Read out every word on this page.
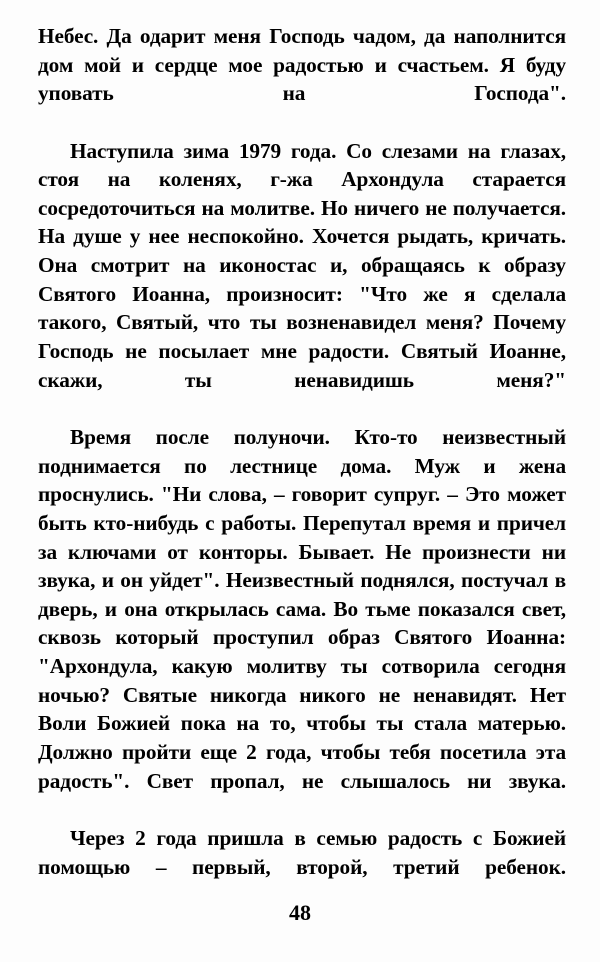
Небес. Да одарит меня Господь чадом, да наполнится дом мой и сердце мое радостью и счастьем. Я буду уповать на Господа".

Наступила зима 1979 года. Со слезами на глазах, стоя на коленях, г-жа Архондула старается сосредоточиться на молитве. Но ничего не получается. На душе у нее неспокойно. Хочется рыдать, кричать. Она смотрит на иконостас и, обращаясь к образу Святого Иоанна, произносит: "Что же я сделала такого, Святый, что ты возненавидел меня? Почему Господь не посылает мне радости. Святый Иоанне, скажи, ты ненавидишь меня?"

Время после полуночи. Кто-то неизвестный поднимается по лестнице дома. Муж и жена проснулись. "Ни слова, – говорит супруг. – Это может быть кто-нибудь с работы. Перепутал время и причел за ключами от конторы. Бывает. Не произнести ни звука, и он уйдет". Неизвестный поднялся, постучал в дверь, и она открылась сама. Во тьме показался свет, сквозь который проступил образ Святого Иоанна: "Архондула, какую молитву ты сотворила сегодня ночью? Святые никогда никого не ненавидят. Нет Воли Божией пока на то, чтобы ты стала матерью. Должно пройти еще 2 года, чтобы тебя посетила эта радость". Свет пропал, не слышалось ни звука.

Через 2 года пришла в семью радость с Божией помощью – первый, второй, третий ребенок.

48
